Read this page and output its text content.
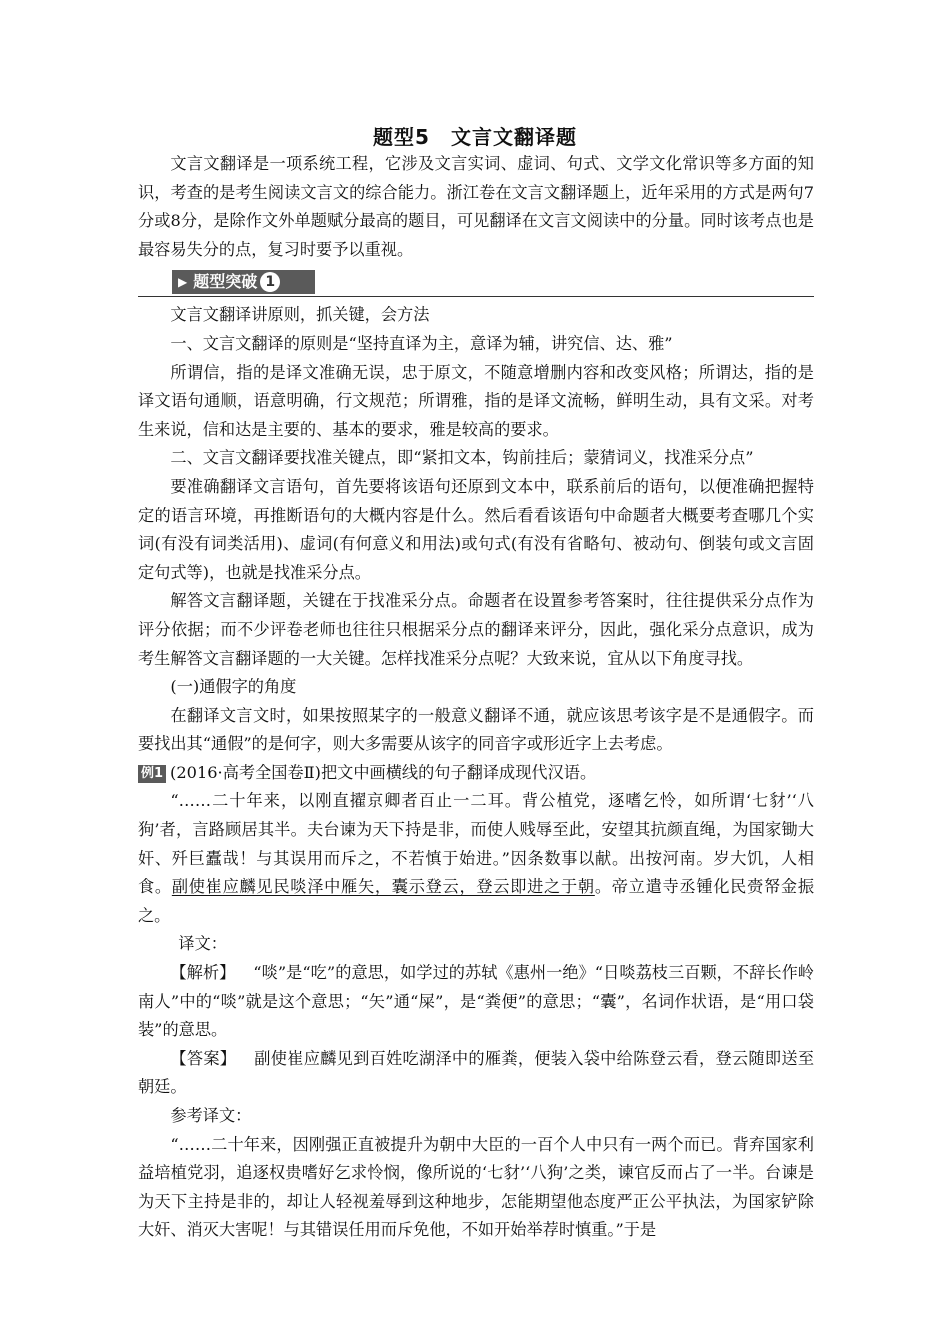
题型5　文言文翻译题

文言文翻译是一项系统工程，它涉及文言实词、虚词、句式、文学文化常识等多方面的知识，考查的是考生阅读文言文的综合能力。浙江卷在文言文翻译题上，近年采用的方式是两句7分或8分，是除作文外单题赋分最高的题目，可见翻译在文言文阅读中的分量。同时该考点也是最容易失分的点，复习时要予以重视。

▶ 题型突破 1

文言文翻译讲原则，抓关键，会方法

一、文言文翻译的原则是“坚持直译为主，意译为辅，讲究信、达、雅”

所谓信，指的是译文准确无误，忠于原文，不随意增删内容和改变风格；所谓达，指的是译文语句通顺，语意明确，行文规范；所谓雅，指的是译文流畅，鲜明生动，具有文采。对考生来说，信和达是主要的、基本的要求，雅是较高的要求。

二、文言文翻译要找准关键点，即“紧扣文本，钩前挂后；蒙猜词义，找准采分点”

要准确翻译文言语句，首先要将该语句还原到文本中，联系前后的语句，以便准确把握特定的语言环境，再推断语句的大概内容是什么。然后看看该语句中命题者大概要考查哪几个实词(有没有词类活用)、虚词(有何意义和用法)或句式(有没有省略句、被动句、倒装句或文言固定句式等)，也就是找准采分点。

解答文言翻译题，关键在于找准采分点。命题者在设置参考答案时，往往提供采分点作为评分依据；而不少评卷老师也往往只根据采分点的翻译来评分，因此，强化采分点意识，成为考生解答文言翻译题的一大关键。怎样找准采分点呢？大致来说，宜从以下角度寻找。

(一)通假字的角度

在翻译文言文时，如果按照某字的一般意义翻译不通，就应该思考该字是不是通假字。而要找出其“通假”的是何字，则大多需要从该字的同音字或形近字上去考虑。

例1 (2016·高考全国卷Ⅱ)把文中画横线的句子翻译成现代汉语。

“……二十年来，以刚直擢京卿者百止一二耳。背公植党，逐嗜乞怜，如所谓‘七豺’‘八狗’者，言路顾居其半。夫台谏为天下持是非，而使人贱辱至此，安望其抗颜直绳，为国家锄大奸、歼巨蠹哉！与其误用而斥之，不若慎于始进。”因条数事以献。出按河南。岁大饥，人相食。副使崔应麟见民啖泽中雁矢，囊示登云，登云即进之于朝。帝立遣寺丞锺化民赍帑金振之。

译文：

【解析】 “啖”是“吃”的意思，如学过的苏轼《惠州一绝》“日啖荔枝三百颗，不辞长作岭南人”中的“啖”就是这个意思；“矢”通“屎”，是“粪便”的意思；“囊”，名词作状语，是“用口袋装”的意思。

【答案】 副使崔应麟见到百姓吃湖泽中的雁粪，便装入袋中给陈登云看，登云随即送至朝廷。

参考译文：

“……二十年来，因刚强正直被提升为朝中大臣的一百个人中只有一两个而已。背弃国家利益培植党羽，追逐权贵嗜好乞求怜悯，像所说的‘七豺’‘八狗’之类，谏官反而占了一半。台谏是为天下主持是非的，却让人轻视羞辱到这种地步，怎能期望他态度严正公平执法，为国家铲除大奸、消灭大害呢！与其错误任用而斥免他，不如开始举荐时慎重。”于是
